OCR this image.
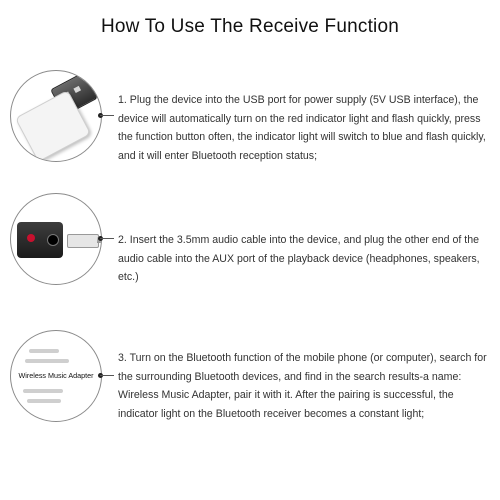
How To Use The Receive Function
1. Plug the device into the USB port for power supply (5V USB interface), the device will automatically turn on the red indicator light and flash quickly, press the function button often, the indicator light will switch to blue and flash quickly, and it will enter Bluetooth reception status;
2. Insert the 3.5mm audio cable into the device, and plug the other end of the audio cable into the AUX port of the playback device (headphones, speakers, etc.)
Wireless Music Adapter
3. Turn on the Bluetooth function of the mobile phone (or computer), search for the surrounding Bluetooth devices, and find in the search results-a name: Wireless Music Adapter, pair it with it. After the pairing is successful, the indicator light on the Bluetooth receiver becomes a constant light;
